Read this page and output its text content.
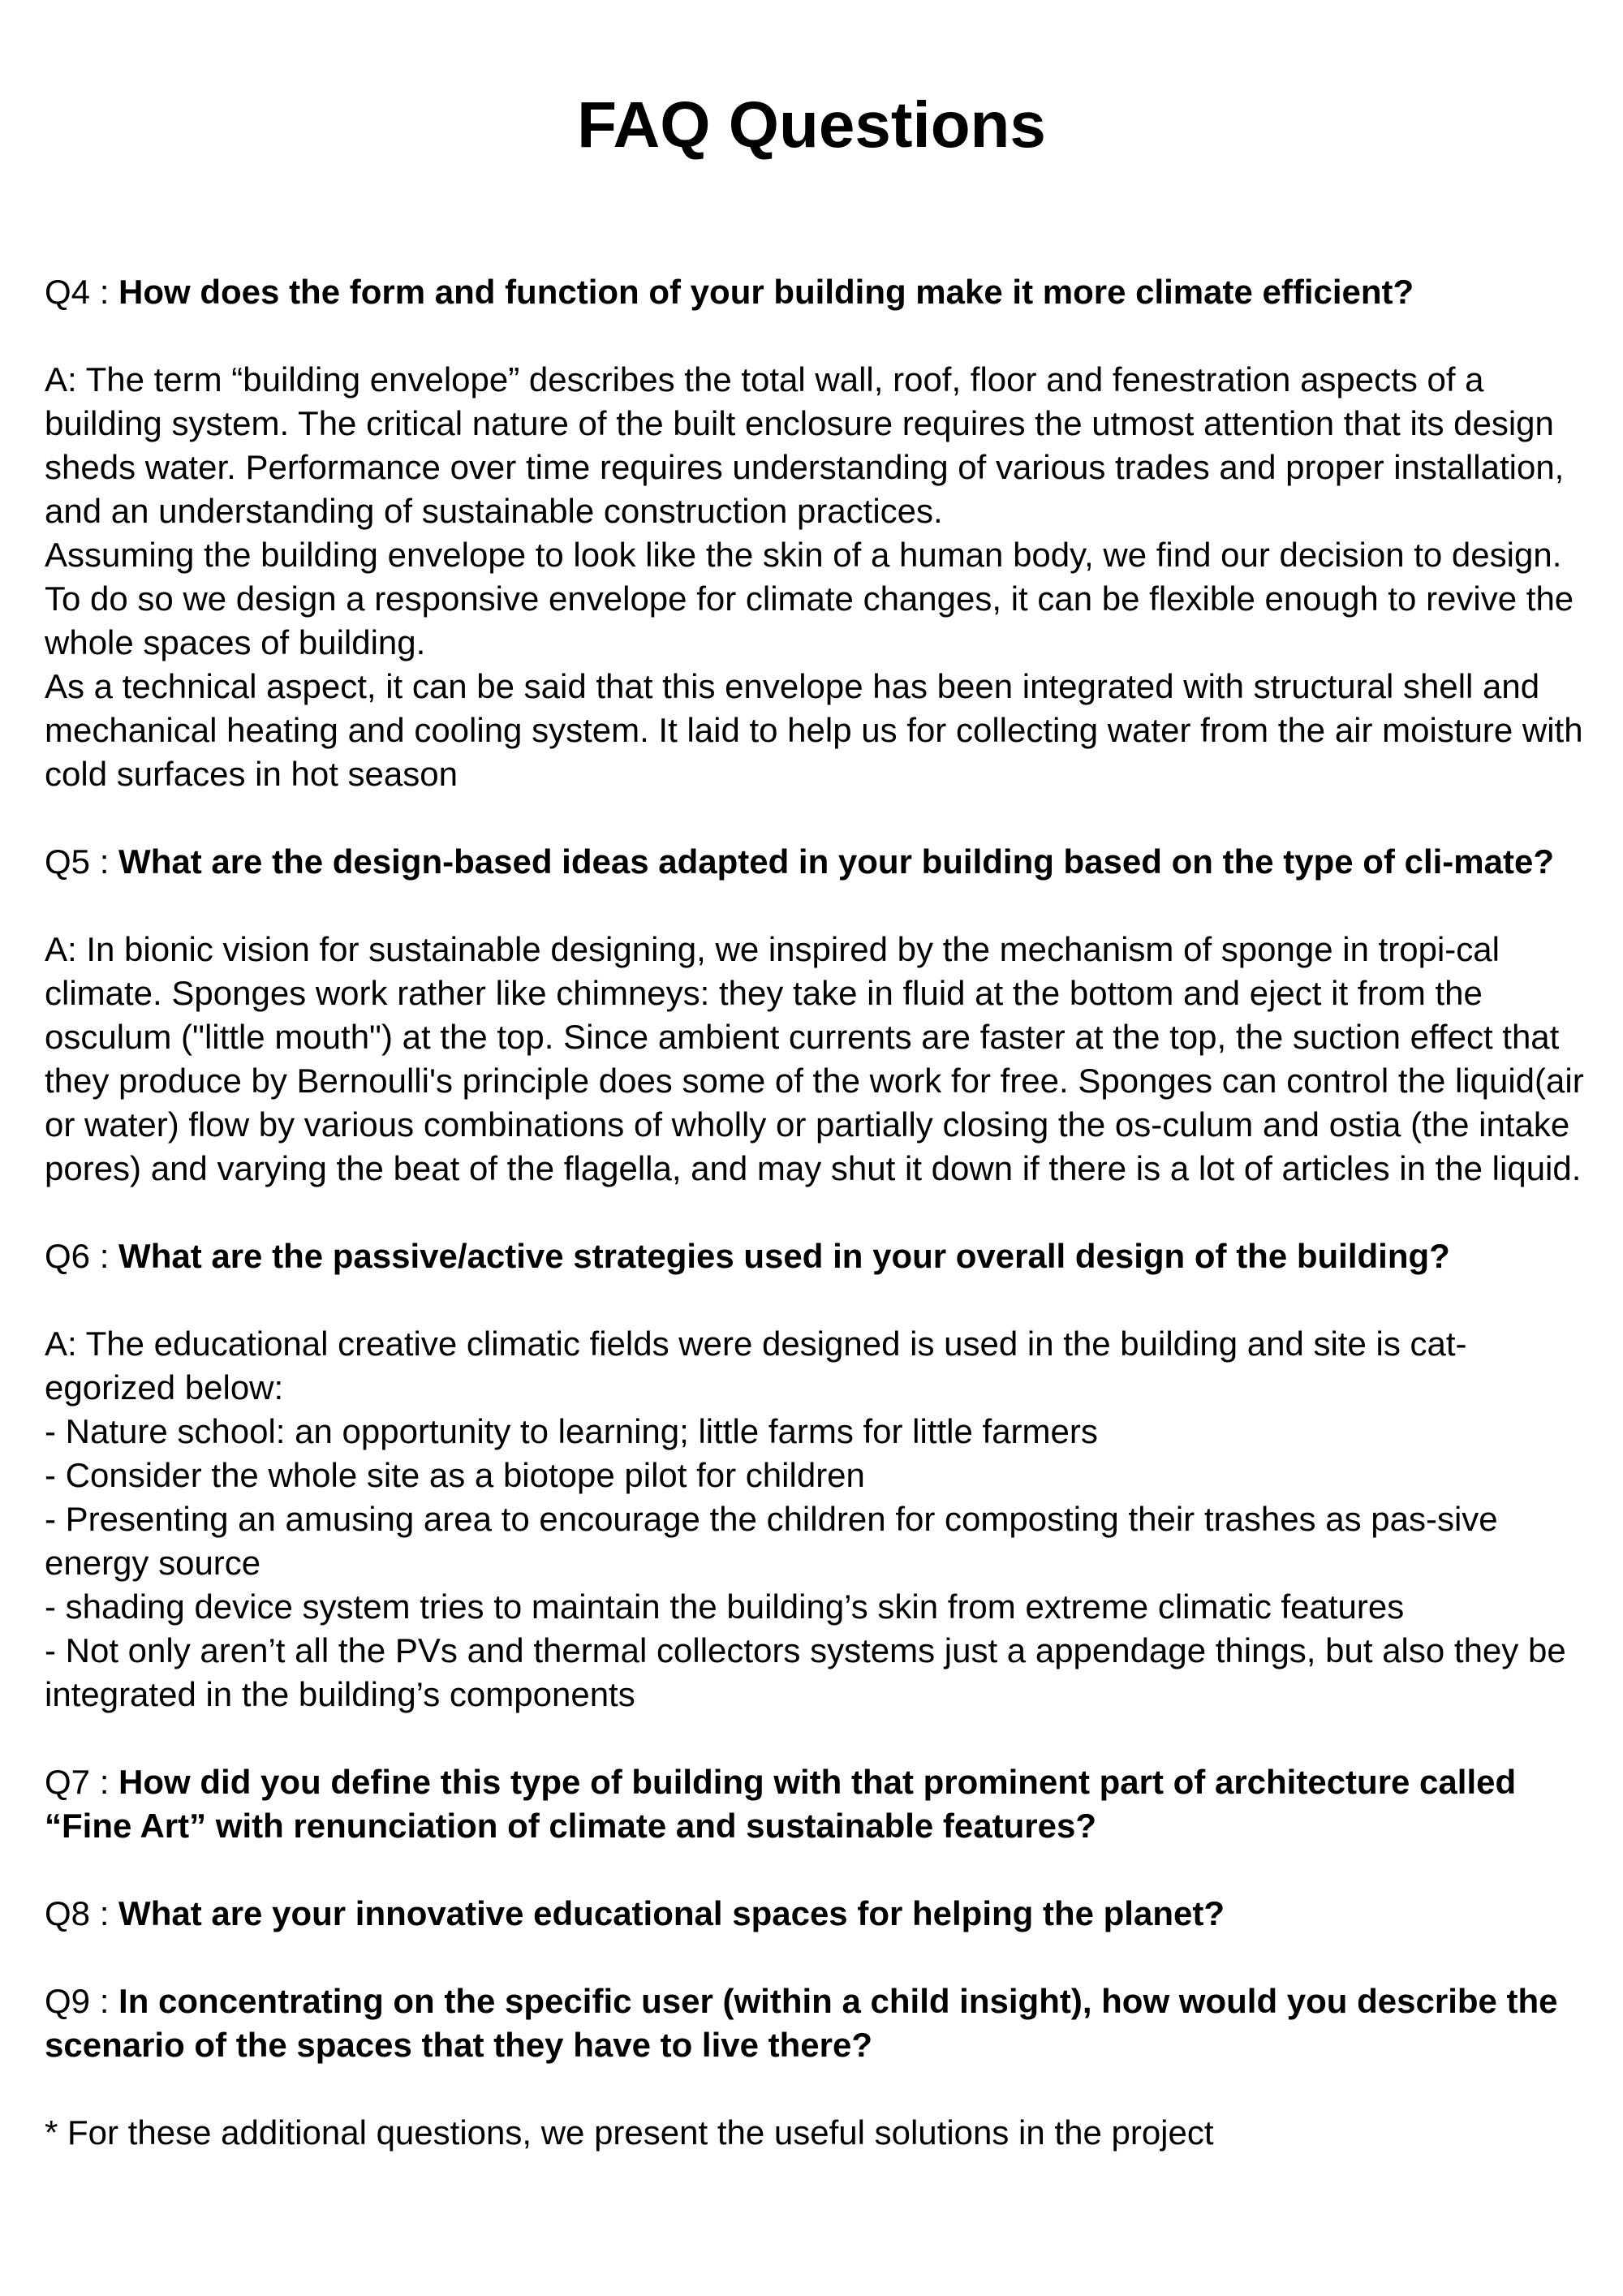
FAQ Questions

Q4 : How does the form and function of your building make it more climate efficient?

A: The term “building envelope” describes the total wall, roof, floor and fenestration aspects of a building system. The critical nature of the built enclosure requires the utmost attention that its design sheds water. Performance over time requires understanding of various trades and proper installation, and an understanding of sustainable construction practices.

Assuming the building envelope to look like the skin of a human body, we find our decision to design. To do so we design a responsive envelope for climate changes, it can be flexible enough to revive the whole spaces of building.

As a technical aspect, it can be said that this envelope has been integrated with structural shell and mechanical heating and cooling system. It laid to help us for collecting water from the air moisture with cold surfaces in hot season

Q5 : What are the design-based ideas adapted in your building based on the type of cli-mate?

A: In bionic vision for sustainable designing, we inspired by the mechanism of sponge in tropi-cal climate. Sponges work rather like chimneys: they take in fluid at the bottom and eject it from the osculum ("little mouth") at the top. Since ambient currents are faster at the top, the suction effect that they produce by Bernoulli's principle does some of the work for free. Sponges can control the liquid(air or water) flow by various combinations of wholly or partially closing the os-culum and ostia (the intake pores) and varying the beat of the flagella, and may shut it down if there is a lot of articles in the liquid.

Q6 : What are the passive/active strategies used in your overall design of the building?

A: The educational creative climatic fields were designed is used in the building and site is cat-egorized below:

- Nature school: an opportunity to learning; little farms for little farmers

- Consider the whole site as a biotope pilot for children

- Presenting an amusing area to encourage the children for composting their trashes as pas-sive energy source

- shading device system tries to maintain the building’s skin from extreme climatic features

- Not only aren’t all the PVs and thermal collectors systems just a appendage things, but also they be integrated in the building’s components

Q7 : How did you define this type of building with that prominent part of architecture called “Fine Art” with renunciation of climate and sustainable features?

Q8 : What are your innovative educational spaces for helping the planet?

Q9 : In concentrating on the specific user (within a child insight), how would you describe the scenario of the spaces that they have to live there?

* For these additional questions, we present the useful solutions in the project
